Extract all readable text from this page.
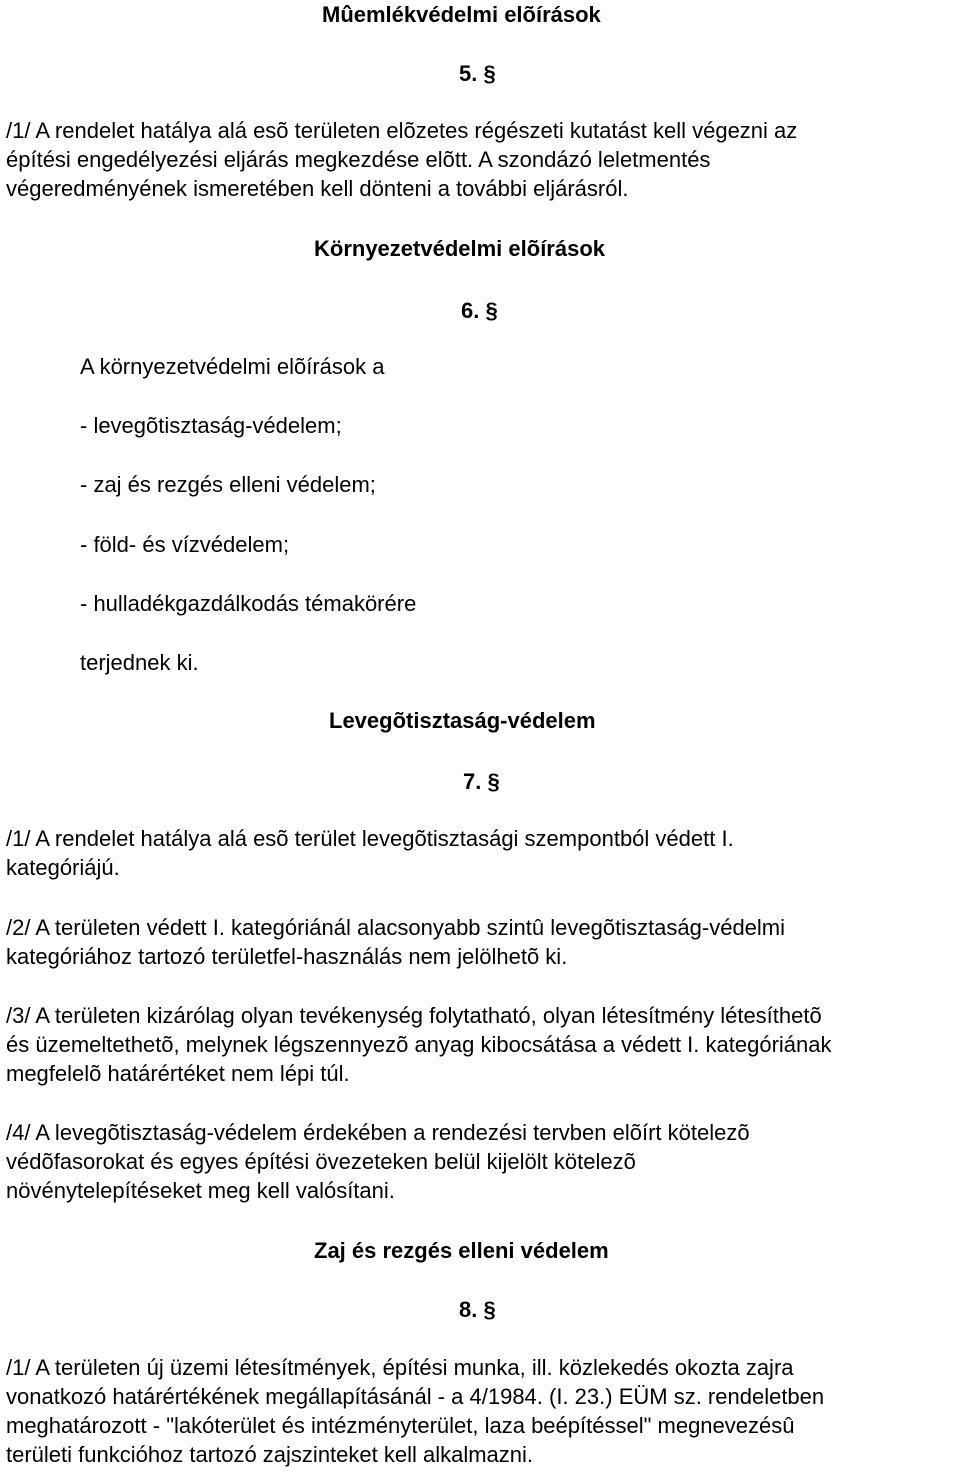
Mûemlékvédelmi elõírások
5. §
/1/ A rendelet hatálya alá esõ területen elõzetes régészeti kutatást kell végezni az
építési engedélyezési eljárás megkezdése elõtt. A szondázó leletmentés
végeredményének ismeretében kell dönteni a további eljárásról.
Környezetvédelmi elõírások
6. §
A környezetvédelmi elõírások a
- levegõtisztaság-védelem;
- zaj és rezgés elleni védelem;
- föld- és vízvédelem;
- hulladékgazdálkodás témakörére
terjednek ki.
Levegõtisztaság-védelem
7. §
/1/ A rendelet hatálya alá esõ terület levegõtisztasági szempontból védett I.
kategóriájú.
/2/ A területen védett I. kategóriánál alacsonyabb szintû levegõtisztaság-védelmi
kategóriához tartozó területfel-használás nem jelölhetõ ki.
/3/ A területen kizárólag olyan tevékenység folytatható, olyan létesítmény létesíthetõ
és üzemeltethetõ, melynek légszennyezõ anyag kibocsátása a védett I. kategóriának
megfelelõ határértéket nem lépi túl.
/4/ A levegõtisztaság-védelem érdekében a rendezési tervben elõírt kötelezõ
védõfasorokat és egyes építési övezeteken belül kijelölt kötelezõ
növénytelepítéseket meg kell valósítani.
Zaj és rezgés elleni védelem
8. §
/1/ A területen új üzemi létesítmények, építési munka, ill. közlekedés okozta zajra
vonatkozó határértékének megállapításánál - a 4/1984. (I. 23.) EÜM sz. rendeletben
meghatározott - "lakóterület és intézményterület, laza beépítéssel" megnevezésû
területi funkcióhoz tartozó zajszinteket kell alkalmazni.
